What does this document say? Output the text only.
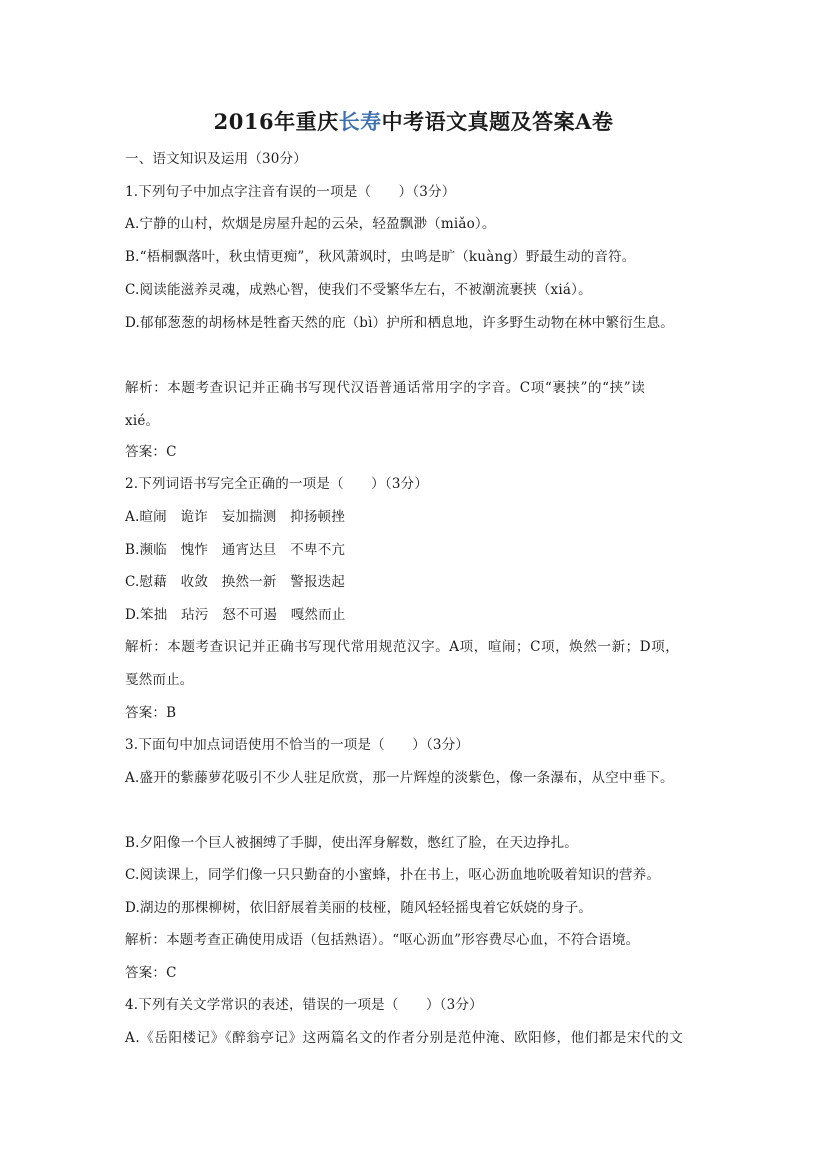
2016年重庆长寿中考语文真题及答案A卷
一、语文知识及运用（30分）
1.下列句子中加点字注音有误的一项是（　　）（3分）
A.宁静的山村，炊烟是房屋升起的云朵，轻盈飘渺（miǎo）。
B.“梧桐飘落叶，秋虫情更痴”，秋风萧飒时，虫鸣是旷（kuàng）野最生动的音符。
C.阅读能滋养灵魂，成熟心智，使我们不受繁华左右，不被潮流裹挟（xiá）。
D.郁郁葱葱的胡杨林是牲畜天然的庇（bì）护所和栖息地，许多野生动物在林中繁衍生息。
解析：本题考查识记并正确书写现代汉语普通话常用字的字音。C项“裹挟”的“挟”读
xié。
答案：C
2.下列词语书写完全正确的一项是（　　）（3分）
A.暄闹　诡诈　妄加揣测　抑扬顿挫
B.濒临　愧怍　通宵达旦　不卑不亢
C.慰藉　收敛　换然一新　警报迭起
D.笨拙　玷污　怒不可遏　嘎然而止
解析：本题考查识记并正确书写现代常用规范汉字。A项，喧闹；C项，焕然一新；D项，
戛然而止。
答案：B
3.下面句中加点词语使用不恰当的一项是（　　）（3分）
A.盛开的紫藤萝花吸引不少人驻足欣赏，那一片辉煌的淡紫色，像一条瀑布，从空中垂下。
B.夕阳像一个巨人被捆缚了手脚，使出浑身解数，憋红了脸，在天边挣扎。
C.阅读课上，同学们像一只只勤奋的小蜜蜂，扑在书上，呕心沥血地吮吸着知识的营养。
D.湖边的那棵柳树，依旧舒展着美丽的枝桠，随风轻轻摇曳着它妖娆的身子。
解析：本题考查正确使用成语（包括熟语）。“呕心沥血”形容费尽心血，不符合语境。
答案：C
4.下列有关文学常识的表述，错误的一项是（　　）（3分）
A.《岳阳楼记》《醉翁亭记》这两篇名文的作者分别是范仲淹、欧阳修，他们都是宋代的文
